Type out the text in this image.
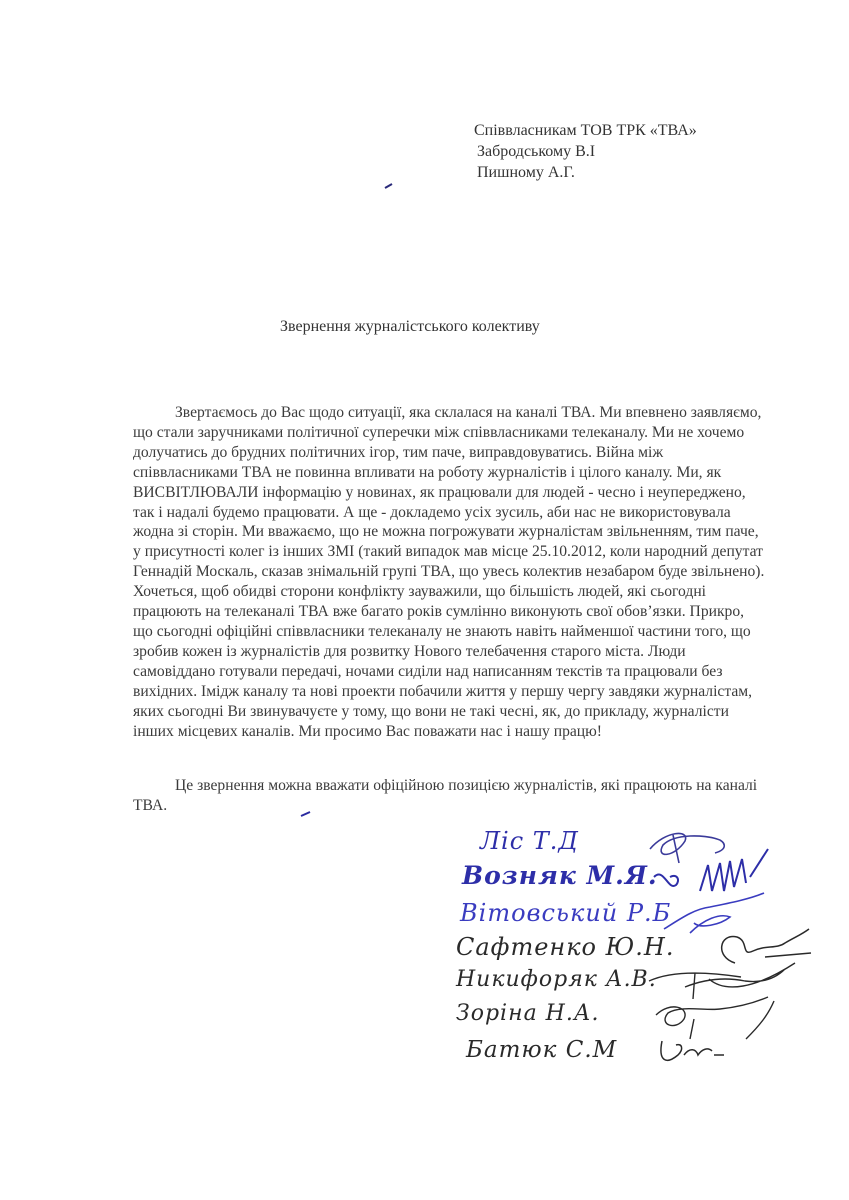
Співвласникам ТОВ ТРК «ТВА»
Забродському В.І
Пишному А.Г.
Звернення журналістського колективу

Звертаємось до Вас щодо ситуації, яка склалася на каналі ТВА. Ми впевнено заявляємо, що стали заручниками політичної суперечки між співвласниками телеканалу. Ми не хочемо долучатись до брудних політичних ігор, тим паче, виправдовуватись. Війна між співвласниками ТВА не повинна впливати на роботу журналістів і цілого каналу. Ми, як ВИСВІТЛЮВАЛИ інформацію у новинах, як працювали для людей - чесно і неупереджено, так і надалі будемо працювати. А ще - докладемо усіх зусиль, аби нас не використовувала жодна зі сторін. Ми вважаємо, що не можна погрожувати журналістам звільненням, тим паче, у присутності колег із інших ЗМІ (такий випадок мав місце 25.10.2012, коли народний депутат Геннадій Москаль, сказав знімальній групі ТВА, що увесь колектив незабаром буде звільнено). Хочеться, щоб обидві сторони конфлікту зауважили, що більшість людей, які сьогодні працюють на телеканалі ТВА вже багато років сумлінно виконують свої обов’язки. Прикро, що сьогодні офіційні співвласники телеканалу не знають навіть найменшої частини того, що зробив кожен із журналістів для розвитку Нового телебачення старого міста. Люди самовіддано готували передачі, ночами сиділи над написанням текстів та працювали без вихідних. Імідж каналу та нові проекти побачили життя у першу чергу завдяки журналістам, яких сьогодні Ви звинувачуєте у тому, що вони не такі чесні, як, до прикладу, журналісти інших місцевих каналів. Ми просимо Вас поважати нас і нашу працю!

Це звернення можна вважати офіційною позицією журналістів, які працюють на каналі ТВА.

Ліс Т.Д
Возняк М.Я.
Вітовський Р.Б
Сафтенко Ю.Н.
Никифоряк А.В.
Зоріна Н.А.
Батюк С.М
